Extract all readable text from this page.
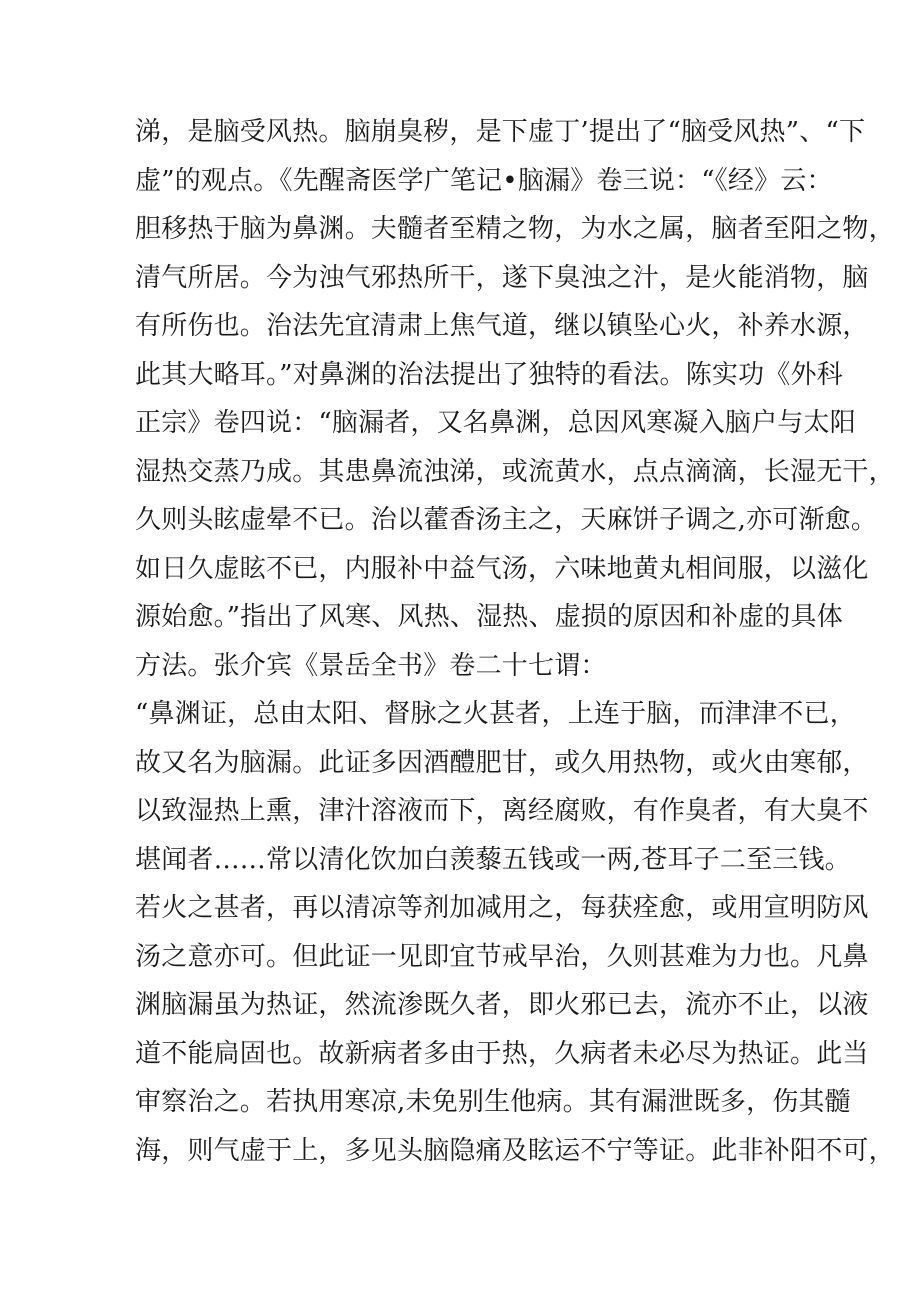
涕，是脑受风热。脑崩臭秽，是下虚丁’提出了“脑受风热”、“下
虚”的观点。《先醒斋医学广笔记•脑漏》卷三说：“《经》云：
胆移热于脑为鼻渊。夫髓者至精之物，为水之属，脑者至阳之物，
清气所居。今为浊气邪热所干，遂下臭浊之汁，是火能消物，脑
有所伤也。治法先宜清肃上焦气道，继以镇坠心火，补养水源，
此其大略耳。”对鼻渊的治法提出了独特的看法。陈实功《外科
正宗》卷四说：“脑漏者，又名鼻渊，总因风寒凝入脑户与太阳
湿热交蒸乃成。其患鼻流浊涕，或流黄水，点点滴滴，长湿无干，
久则头眩虚晕不已。治以藿香汤主之，天麻饼子调之,亦可渐愈。
如日久虚眩不已，内服补中益气汤，六味地黄丸相间服，以滋化
源始愈。”指出了风寒、风热、湿热、虚损的原因和补虚的具体
方法。张介宾《景岳全书》卷二十七谓：
“鼻渊证，总由太阳、督脉之火甚者，上连于脑，而津津不已，
故又名为脑漏。此证多因酒醴肥甘，或久用热物，或火由寒郁，
以致湿热上熏，津汁溶液而下，离经腐败，有作臭者，有大臭不
堪闻者……常以清化饮加白羡藜五钱或一两,苍耳子二至三钱。
若火之甚者，再以清凉等剂加减用之，每获痊愈，或用宣明防风
汤之意亦可。但此证一见即宜节戒早治，久则甚难为力也。凡鼻
渊脑漏虽为热证，然流渗既久者，即火邪已去，流亦不止，以液
道不能扃固也。故新病者多由于热，久病者未必尽为热证。此当
审察治之。若执用寒凉,未免别生他病。其有漏泄既多，伤其髓
海，则气虚于上，多见头脑隐痛及眩运不宁等证。此非补阳不可，
